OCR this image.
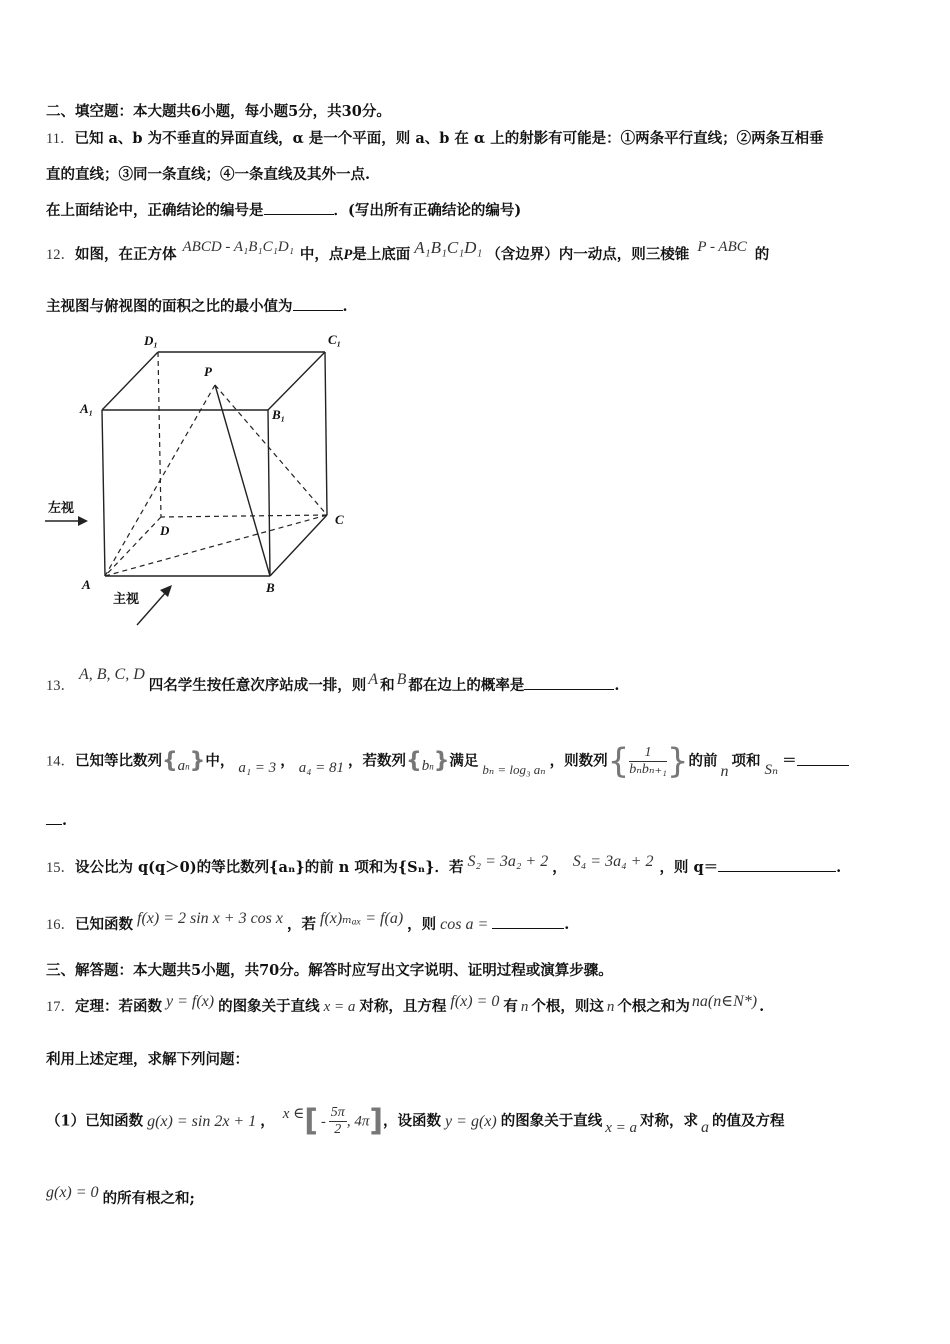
二、填空题：本大题共6小题，每小题5分，共30分。
11．已知 a、b 为不垂直的异面直线，α 是一个平面，则 a、b 在 α 上的射影有可能是：①两条平行直线；②两条互相垂
直的直线；③同一条直线；④一条直线及其外一点.
在上面结论中，正确结论的编号是	．(写出所有正确结论的编号)
12．如图，在正方体 ABCD - A₁B₁C₁D₁ 中，点P是上底面 A₁B₁C₁D₁ （含边界）内一动点，则三棱锥 P - ABC 的
主视图与俯视图的面积之比的最小值为	.
D₁	C₁
A₁	B₁
P
D
C
A	B
左视
主视
13．A, B, C, D四名学生按任意次序站成一排，则 A 和 B 都在边上的概率是	.
14．已知等比数列$\{a_n\}$中， a₁ = 3 ， a₄ = 81 ，若数列$\{b_n\}$满足 bₙ = log₃ aₙ ，则数列{ $\frac{1}{\text{bₙbₙ₊₁}}$ }的前n项和 Sₙ ＝
.
15．设公比为 q(q＞0)的等比数列{aₙ}的前 n 项和为{Sₙ}．若 S₂ = 3a₂ + 2 ， S₄ = 3a₄ + 2 ，则 q＝	.
16．已知函数 f(x) = 2 sin x + 3 cos x ，若 f(x)ₘₐₓ = f(a) ，则 cos a =	.
三、解答题：本大题共5小题，共70分。解答时应写出文字说明、证明过程或演算步骤。
17．定理：若函数 y = f(x) 的图象关于直线 x = a 对称，且方程 f(x) = 0 有 n 个根，则这 n 个根之和为 na(n∈N*) .
利用上述定理，求解下列问题：
（1）已知函数 g(x) = sin 2x + 1 ， x ∈[ - $\frac{5\pi}{2}$ , 4π]，设函数 y = g(x) 的图象关于直线 x = a 对称，求 a 的值及方程
g(x) = 0 的所有根之和;
